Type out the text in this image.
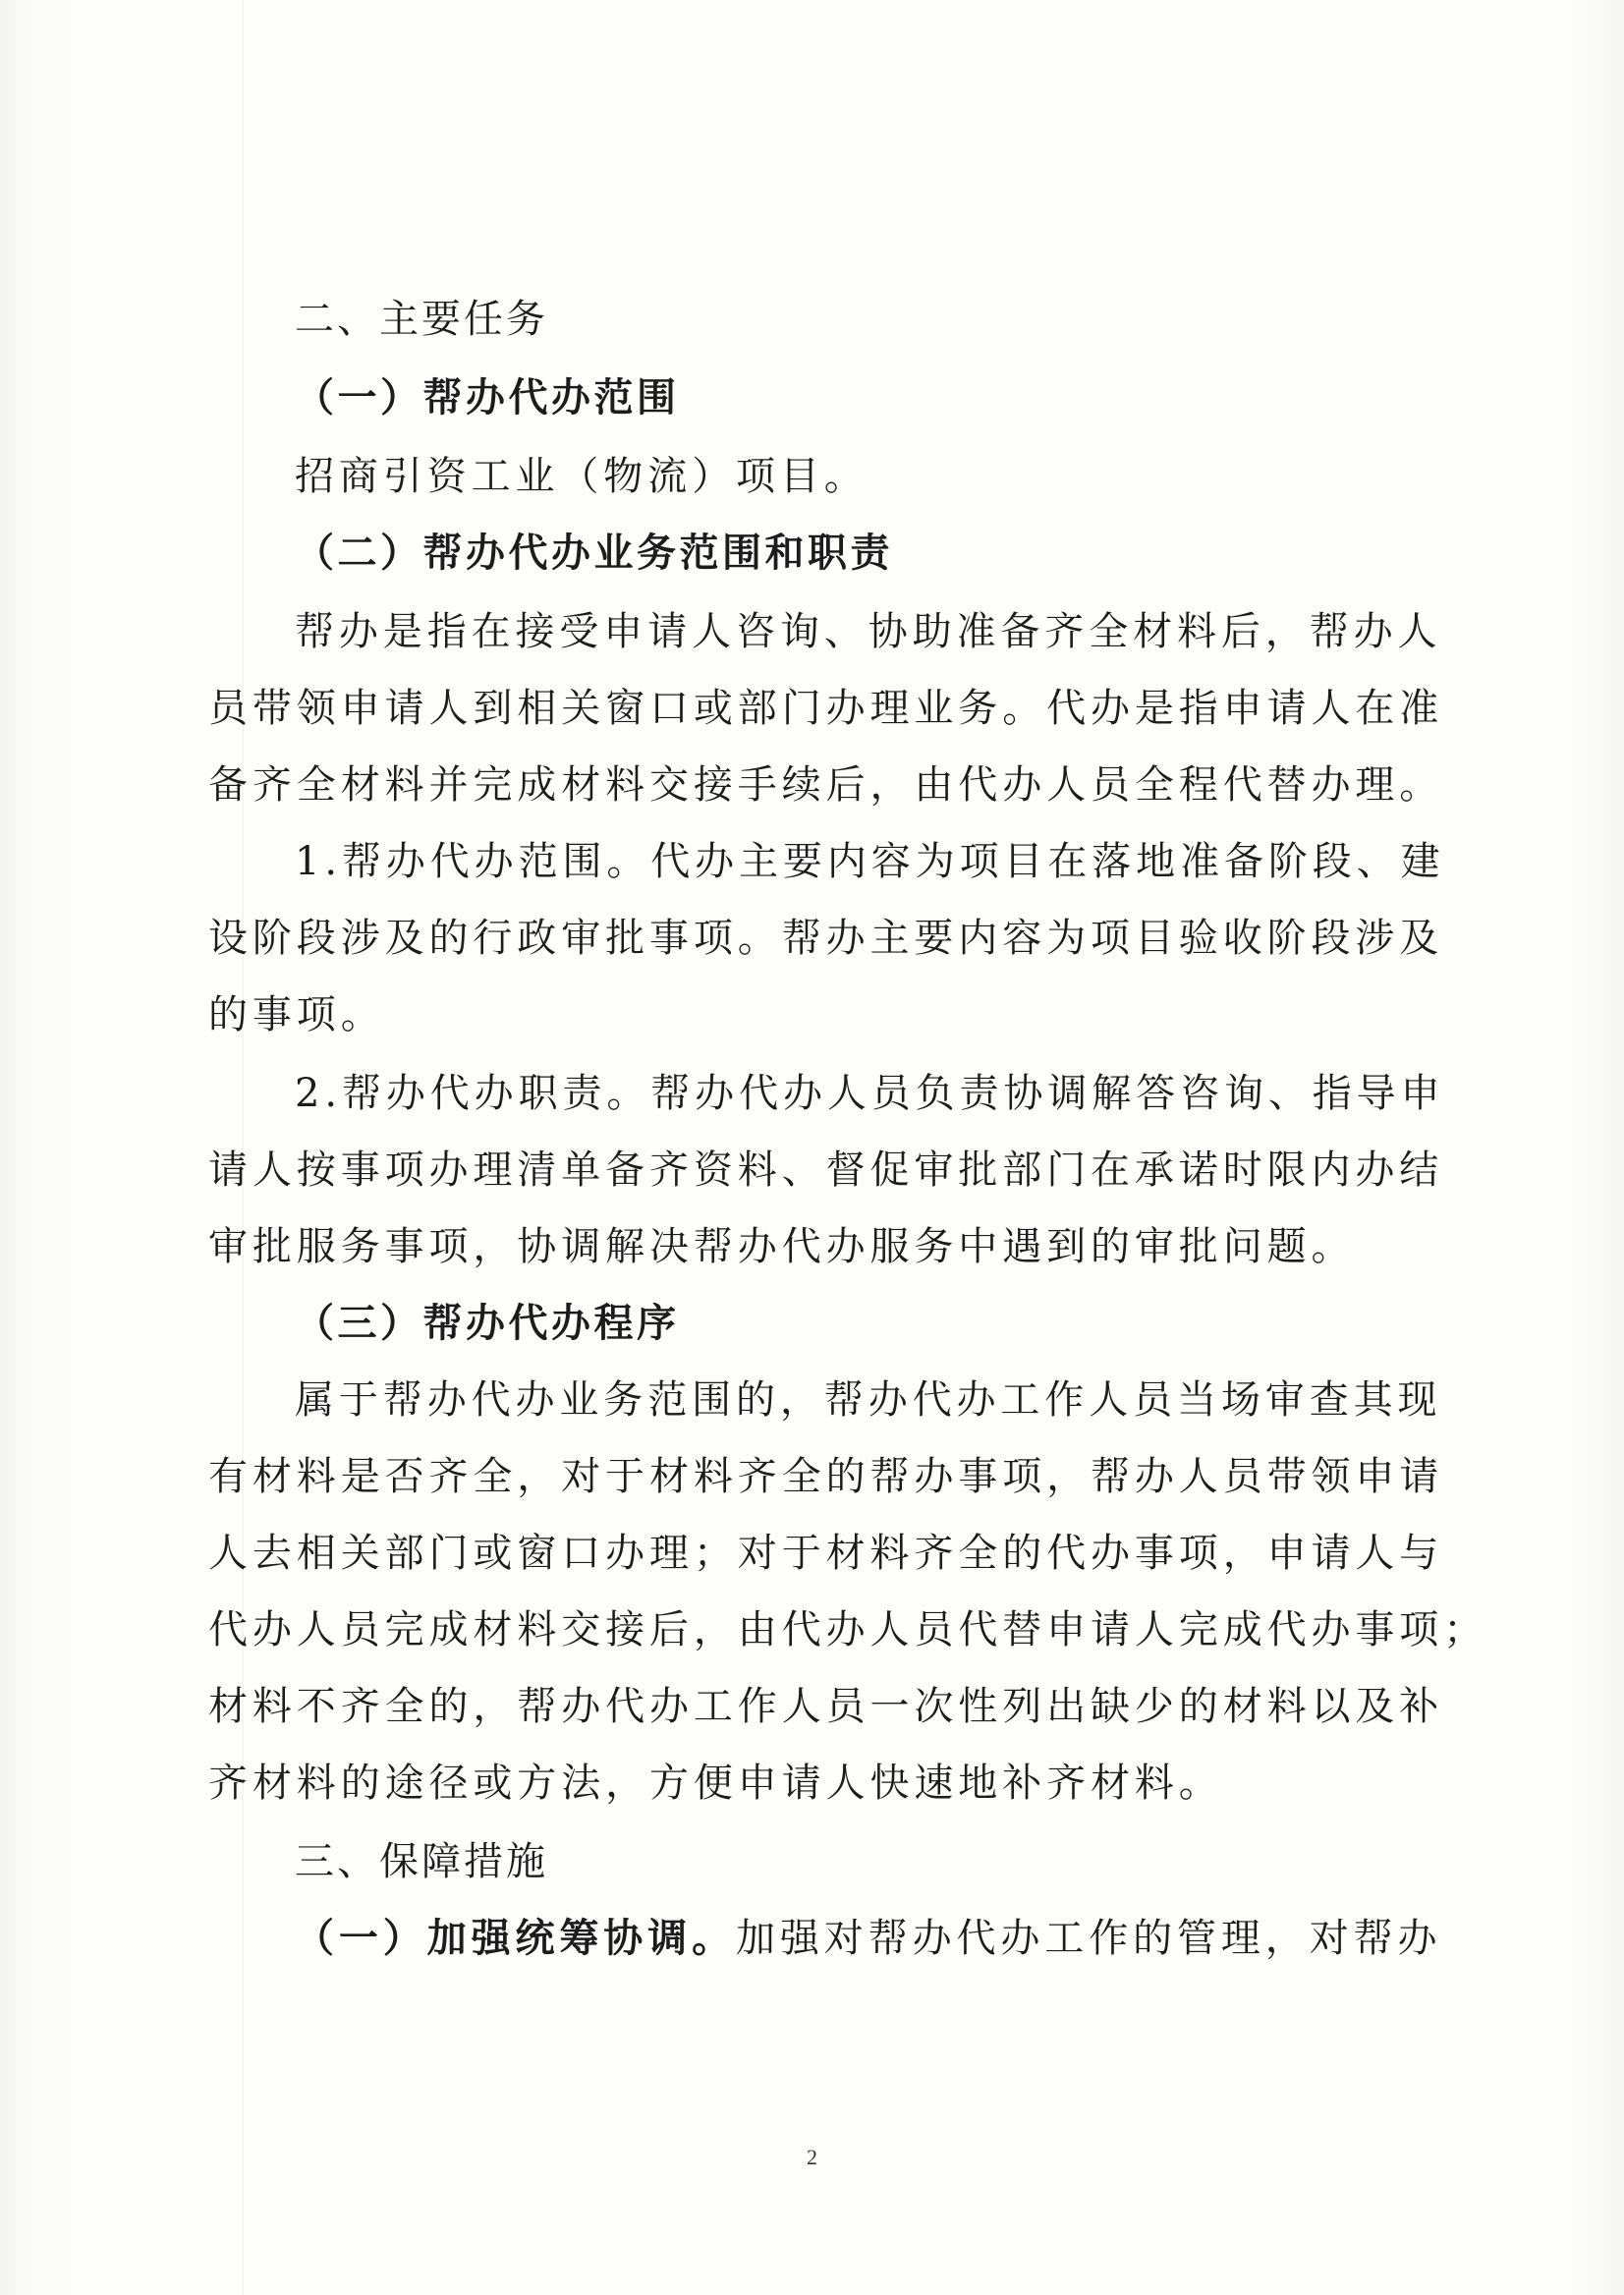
二、主要任务
（一）帮办代办范围
招商引资工业（物流）项目。
（二）帮办代办业务范围和职责
帮办是指在接受申请人咨询、协助准备齐全材料后，帮办人
员带领申请人到相关窗口或部门办理业务。代办是指申请人在准
备齐全材料并完成材料交接手续后，由代办人员全程代替办理。
1.帮办代办范围。代办主要内容为项目在落地准备阶段、建
设阶段涉及的行政审批事项。帮办主要内容为项目验收阶段涉及
的事项。
2.帮办代办职责。帮办代办人员负责协调解答咨询、指导申
请人按事项办理清单备齐资料、督促审批部门在承诺时限内办结
审批服务事项，协调解决帮办代办服务中遇到的审批问题。
（三）帮办代办程序
属于帮办代办业务范围的，帮办代办工作人员当场审查其现
有材料是否齐全，对于材料齐全的帮办事项，帮办人员带领申请
人去相关部门或窗口办理；对于材料齐全的代办事项，申请人与
代办人员完成材料交接后，由代办人员代替申请人完成代办事项；
材料不齐全的，帮办代办工作人员一次性列出缺少的材料以及补
齐材料的途径或方法，方便申请人快速地补齐材料。
三、保障措施
（一）加强统筹协调。加强对帮办代办工作的管理，对帮办
2
